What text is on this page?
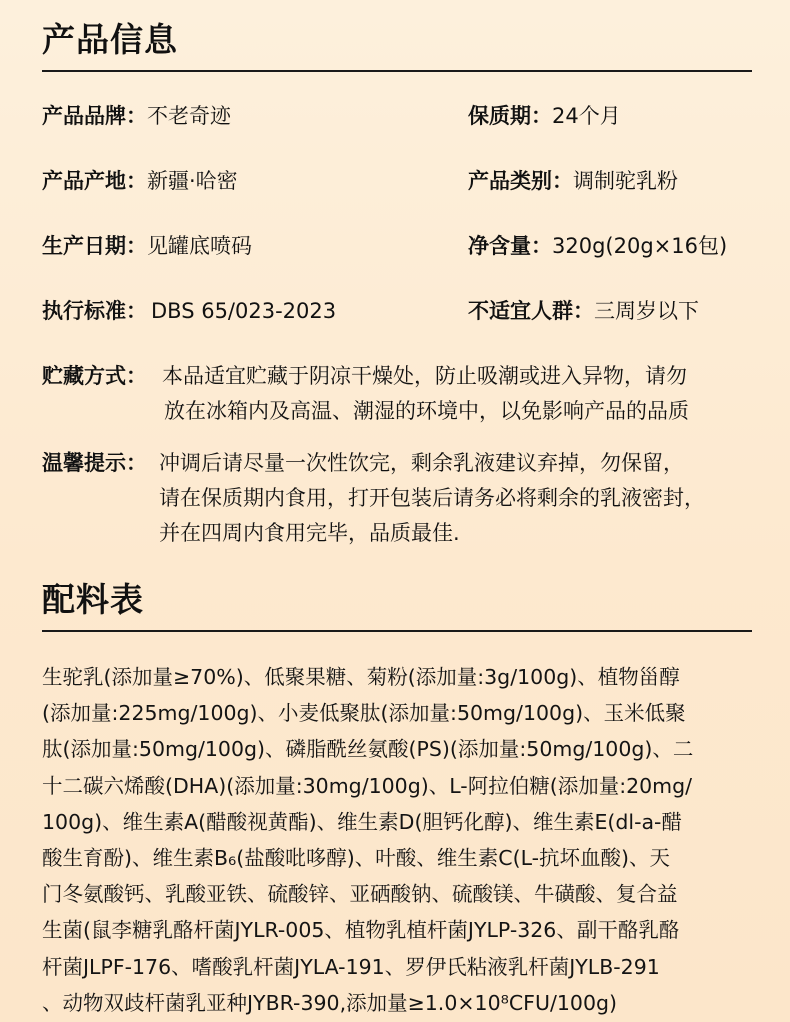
产品信息
产品品牌：不老奇迹	保质期：24个月
产品产地：新疆·哈密	产品类别：调制驼乳粉
生产日期：见罐底喷码	净含量：320g(20g×16包)
执行标准： DBS 65/023-2023	不适宜人群：三周岁以下
贮藏方式： 本品适宜贮藏于阴凉干燥处，防止吸潮或进入异物，请勿
放在冰箱内及高温、潮湿的环境中，以免影响产品的品质
温馨提示： 冲调后请尽量一次性饮完，剩余乳液建议弃掉，勿保留，
请在保质期内食用，打开包装后请务必将剩余的乳液密封，
并在四周内食用完毕，品质最佳.
配料表
生驼乳(添加量≥70%)、低聚果糖、菊粉(添加量:3g/100g)、植物甾醇
(添加量:225mg/100g)、小麦低聚肽(添加量:50mg/100g)、玉米低聚
肽(添加量:50mg/100g)、磷脂酰丝氨酸(PS)(添加量:50mg/100g)、二
十二碳六烯酸(DHA)(添加量:30mg/100g)、L-阿拉伯糖(添加量:20mg/
100g)、维生素A(醋酸视黄酯)、维生素D(胆钙化醇)、维生素E(dl-a-醋
酸生育酚)、维生素B₆(盐酸吡哆醇)、叶酸、维生素C(L-抗坏血酸)、天
门冬氨酸钙、乳酸亚铁、硫酸锌、亚硒酸钠、硫酸镁、牛磺酸、复合益
生菌(鼠李糖乳酪杆菌JYLR-005、植物乳植杆菌JYLP-326、副干酪乳酪
杆菌JLPF-176、嗜酸乳杆菌JYLA-191、罗伊氏粘液乳杆菌JYLB-291
、动物双歧杆菌乳亚种JYBR-390,添加量≥1.0×10⁸CFU/100g)
